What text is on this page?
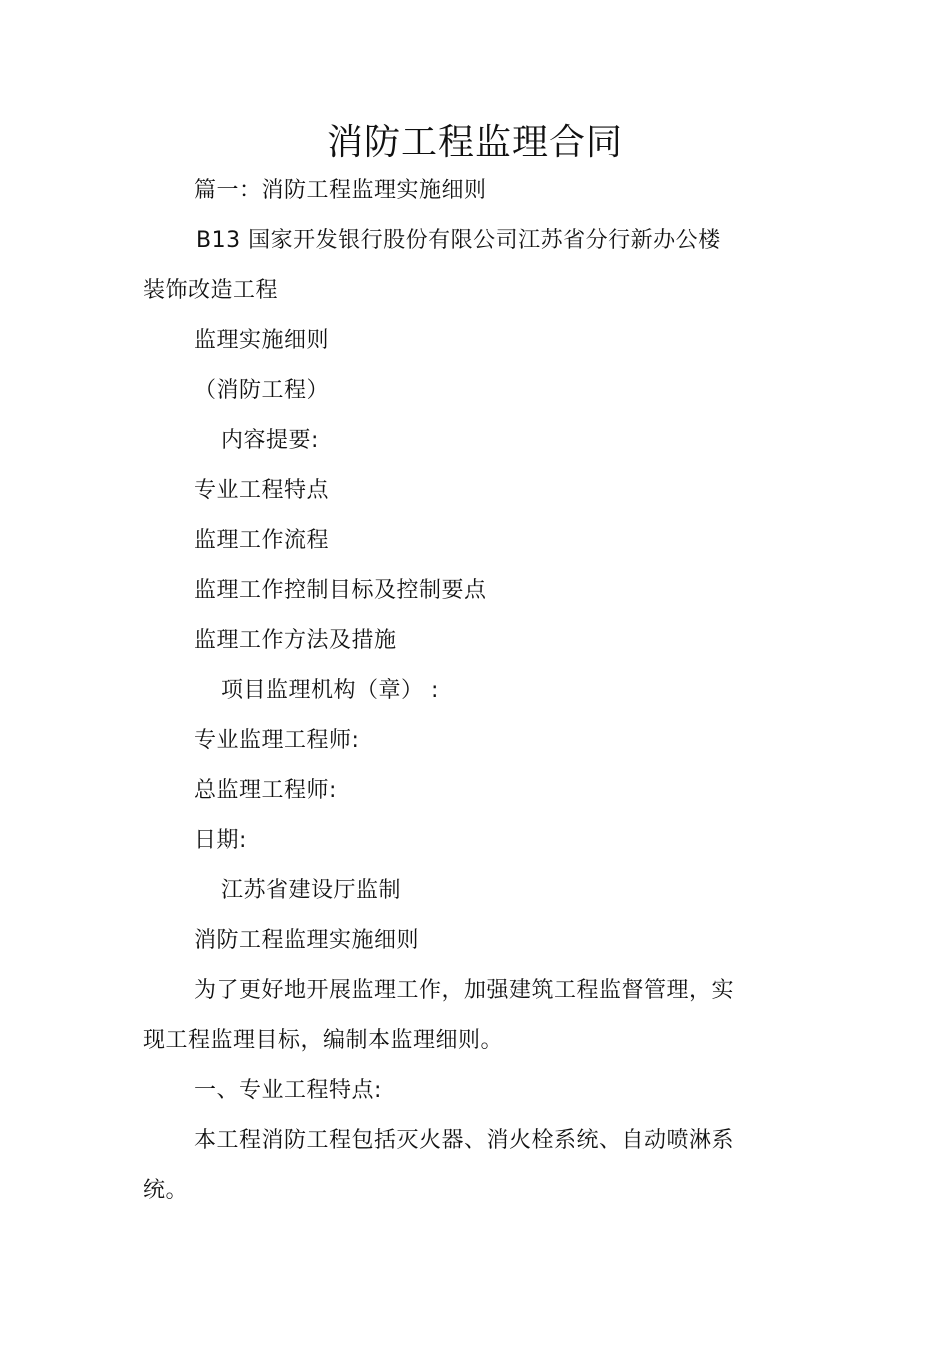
消防工程监理合同
篇一：消防工程监理实施细则
B13 国家开发银行股份有限公司江苏省分行新办公楼
装饰改造工程
监理实施细则
（消防工程）
内容提要:
专业工程特点
监理工作流程
监理工作控制目标及控制要点
监理工作方法及措施
项目监理机构（章） :
专业监理工程师:
总监理工程师:
日期:
江苏省建设厅监制
消防工程监理实施细则
为了更好地开展监理工作，加强建筑工程监督管理，实
现工程监理目标，编制本监理细则。
一、专业工程特点:
本工程消防工程包括灭火器、消火栓系统、自动喷淋系
统。
